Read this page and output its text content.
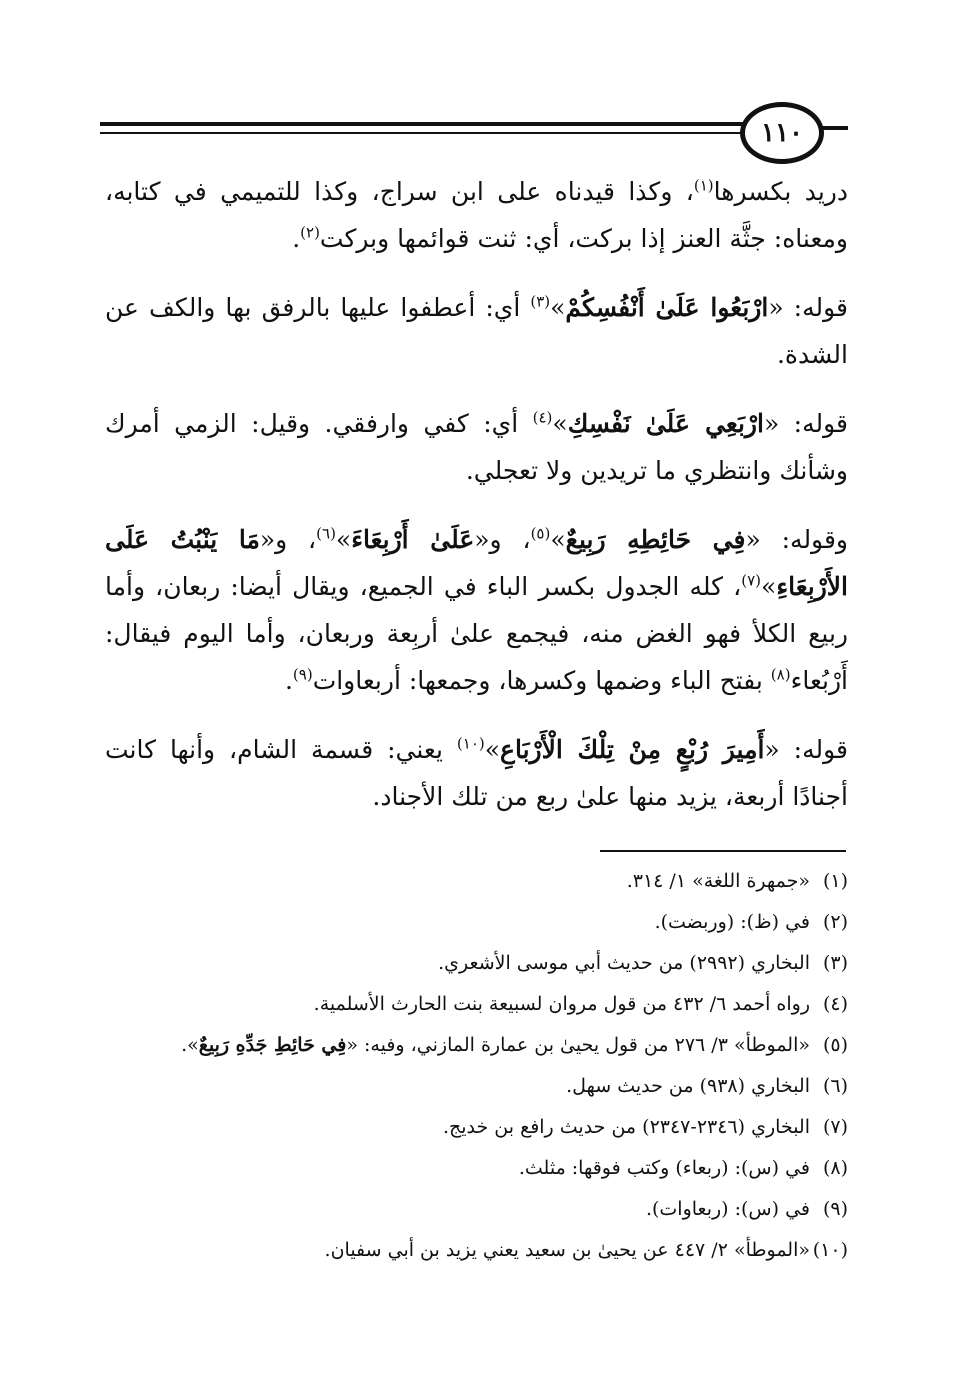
١١٠

دريد بكسرها$^{(١)}$، وكذا قيدناه على ابن سراج، وكذا للتميمي في كتابه، ومعناه: جثَّة العنز إذا بركت، أي: ثنت قوائمها وبركت$^{(٢)}$.

قوله: «ارْبَعُوا عَلَىٰ أَنْفُسِكُمْ»$^{(٣)}$ أي: أعطفوا عليها بالرفق بها والكف عن الشدة.

قوله: «ارْبَعِي عَلَىٰ نَفْسِكِ»$^{(٤)}$ أي: كفي وارفقي. وقيل: الزمي أمرك وشأنك وانتظري ما تريدين ولا تعجلي.

وقوله: «فِي حَائِطِهِ رَبِيعٌ»$^{(٥)}$، و«عَلَىٰ أَرْبِعَاءَ»$^{(٦)}$، و«مَا يَنْبُتُ عَلَى الأَرْبِعَاءِ»$^{(٧)}$، كله الجدول بكسر الباء في الجميع، ويقال أيضا: ربعان، وأما ربيع الكلأ فهو الغض منه، فيجمع علىٰ أربِعة وربعان، وأما اليوم فيقال: أَرْبُعاء$^{(٨)}$ بفتح الباء وضمها وكسرها، وجمعها: أربعاوات$^{(٩)}$.

قوله: «أَمِيرَ رُبْعٍ مِنْ تِلْكَ الْأَرْبَاعِ»$^{(١٠)}$ يعني: قسمة الشام، وأنها كانت أجنادًا أربعة، يزيد منها علىٰ ربع من تلك الأجناد.

(١)«جمهرة اللغة» ١/ ٣١٤.
(٢)في (ظ): (وربضت).
(٣)البخاري (٢٩٩٢) من حديث أبي موسى الأشعري.
(٤)رواه أحمد ٦/ ٤٣٢ من قول مروان لسبيعة بنت الحارث الأسلمية.
(٥)«الموطأ» ٣/ ٢٧٦ من قول يحيىٰ بن عمارة المازني، وفيه: «فِي حَائِطِ جَدِّهِ رَبِيعٌ».
(٦)البخاري (٩٣٨) من حديث سهل.
(٧)البخاري (٢٣٤٦-٢٣٤٧) من حديث رافع بن خديج.
(٨)في (س): (ربعاء) وكتب فوقها: مثلث.
(٩)في (س): (ربعاوات).
(١٠)«الموطأ» ٢/ ٤٤٧ عن يحيىٰ بن سعيد يعني يزيد بن أبي سفيان.
